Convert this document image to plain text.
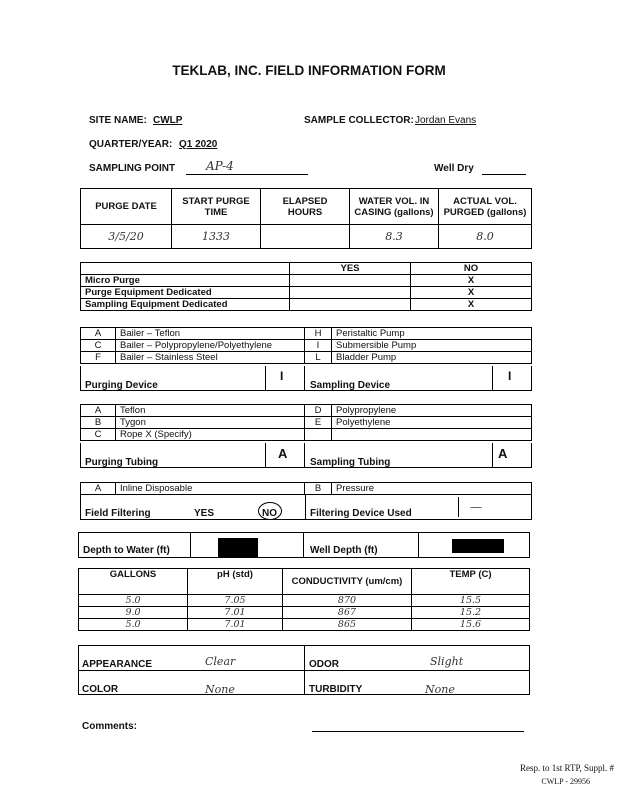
TEKLAB, INC. FIELD INFORMATION FORM
SITE NAME: CWLP	SAMPLE COLLECTOR: Jordan Evans
QUARTER/YEAR: Q1 2020
SAMPLING POINT	AP-4	Well Dry
PURGE DATE	START PURGE TIME	ELAPSED HOURS	WATER VOL. IN CASING (gallons)	ACTUAL VOL. PURGED (gallons)
3/5/20	1333		8.3	8.0
	YES	NO
Micro Purge		X
Purge Equipment Dedicated		X
Sampling Equipment Dedicated		X
A	Bailer – Teflon	H	Peristaltic Pump
C	Bailer – Polypropylene/Polyethylene	I	Submersible Pump
F	Bailer – Stainless Steel	L	Bladder Pump
Purging Device
I
Sampling Device
I
A	Teflon	D	Polypropylene
B	Tygon	E	Polyethylene
C	Rope X (Specify)		
Purging Tubing
A
Sampling Tubing
A
A	Inline Disposable	B	Pressure
Field Filtering	YES	NO	Filtering Device Used	—
Depth to Water (ft)	Well Depth (ft)
GALLONS	pH (std)	CONDUCTIVITY (um/cm)	TEMP (C)
5.0	7.05	870	15.5
9.0	7.01	867	15.2
5.0	7.01	865	15.6
APPEARANCE	Clear	ODOR	Slight
COLOR	None	TURBIDITY	None
Comments:
Resp. to 1st RTP, Suppl. #
CWLP - 29956
